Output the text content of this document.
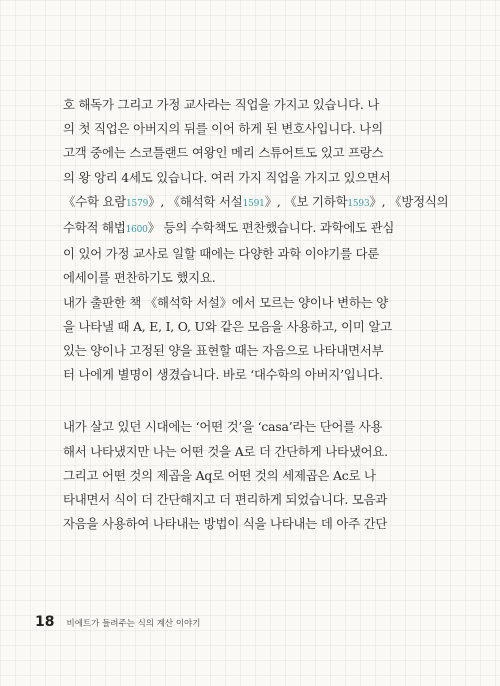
호 해독가 그리고 가정 교사라는 직업을 가지고 있습니다. 나
의 첫 직업은 아버지의 뒤를 이어 하게 된 변호사입니다. 나의
고객 중에는 스코틀랜드 여왕인 메리 스튜어트도 있고 프랑스
의 왕 앙리 4세도 있습니다. 여러 가지 직업을 가지고 있으면서
《수학 요람1579》, 《해석학 서설1591》, 《보 기하학1593》, 《방정식의
수학적 해법1600》 등의 수학책도 편찬했습니다. 과학에도 관심
이 있어 가정 교사로 일할 때에는 다양한 과학 이야기를 다룬
에세이를 편찬하기도 했지요.
내가 출판한 책 《해석학 서설》에서 모르는 양이나 변하는 양
을 나타낼 때 A, E, I, O, U와 같은 모음을 사용하고, 이미 알고
있는 양이나 고정된 양을 표현할 때는 자음으로 나타내면서부
터 나에게 별명이 생겼습니다. 바로 ‘대수학의 아버지’입니다.
내가 살고 있던 시대에는 ‘어떤 것’을 ‘casa’라는 단어를 사용
해서 나타냈지만 나는 어떤 것을 A로 더 간단하게 나타냈어요.
그리고 어떤 것의 제곱을 Aq로 어떤 것의 세제곱은 Ac로 나
타내면서 식이 더 간단해지고 더 편리하게 되었습니다. 모음과
자음을 사용하여 나타내는 방법이 식을 나타내는 데 아주 간단
18 비에트가 들려주는 식의 계산 이야기
